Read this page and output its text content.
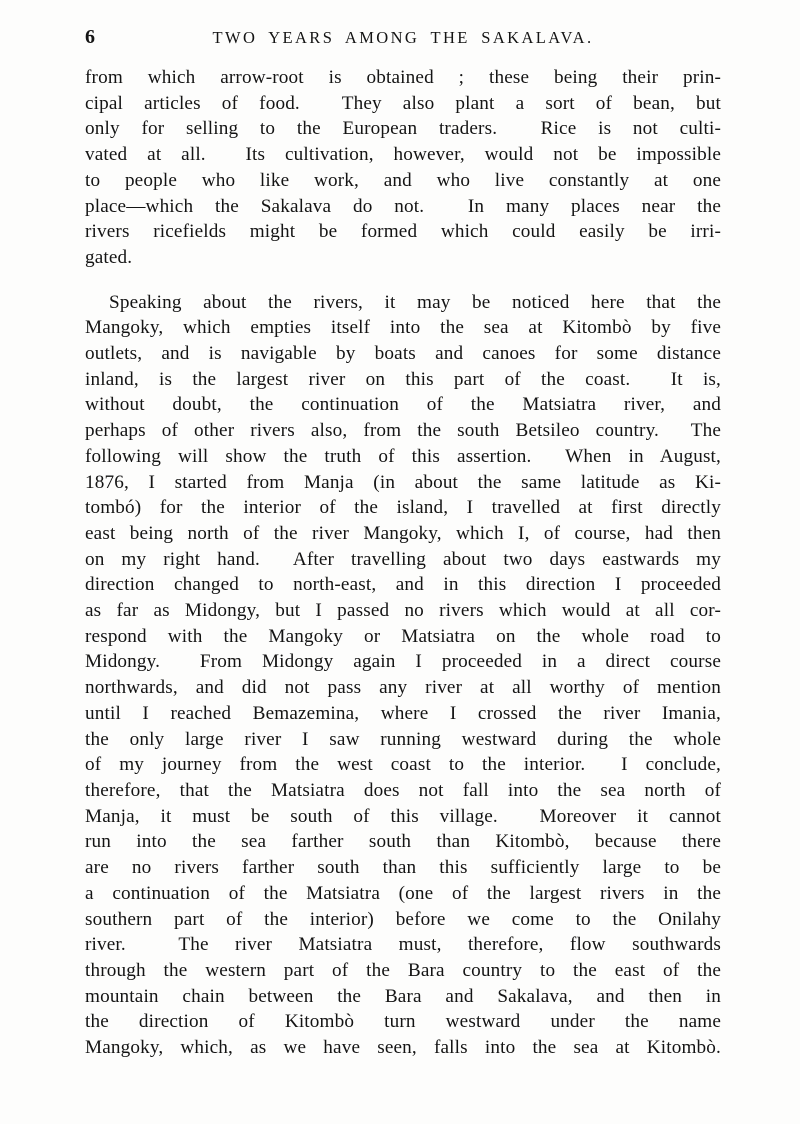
6	TWO YEARS AMONG THE SAKALAVA.
from which arrow-root is obtained ; these being their prin-
cipal articles of food.  They also plant a sort of bean, but
only for selling to the European traders.  Rice is not culti-
vated at all.  Its cultivation, however, would not be impossible
to people who like work, and who live constantly at one
place—which the Sakalava do not.  In many places near the
rivers ricefields might be formed which could easily be irri-
gated.
Speaking about the rivers, it may be noticed here that the
Mangoky, which empties itself into the sea at Kitombò by five
outlets, and is navigable by boats and canoes for some distance
inland, is the largest river on this part of the coast.  It is,
without doubt, the continuation of the Matsiatra river, and
perhaps of other rivers also, from the south Betsileo country.  The
following will show the truth of this assertion.  When in August,
1876, I started from Manja (in about the same latitude as Ki-
tombó) for the interior of the island, I travelled at first directly
east being north of the river Mangoky, which I, of course, had then
on my right hand.  After travelling about two days eastwards my
direction changed to north-east, and in this direction I proceeded
as far as Midongy, but I passed no rivers which would at all cor-
respond with the Mangoky or Matsiatra on the whole road to
Midongy.  From Midongy again I proceeded in a direct course
northwards, and did not pass any river at all worthy of mention
until I reached Bemazemina, where I crossed the river Imania,
the only large river I saw running westward during the whole
of my journey from the west coast to the interior.  I conclude,
therefore, that the Matsiatra does not fall into the sea north of
Manja, it must be south of this village.  Moreover it cannot
run into the sea farther south than Kitombò, because there
are no rivers farther south than this sufficiently large to be
a continuation of the Matsiatra (one of the largest rivers in the
southern part of the interior) before we come to the Onilahy
river.  The river Matsiatra must, therefore, flow southwards
through the western part of the Bara country to the east of the
mountain chain between the Bara and Sakalava, and then in
the direction of Kitombò turn westward under the name
Mangoky, which, as we have seen, falls into the sea at Kitombò.
